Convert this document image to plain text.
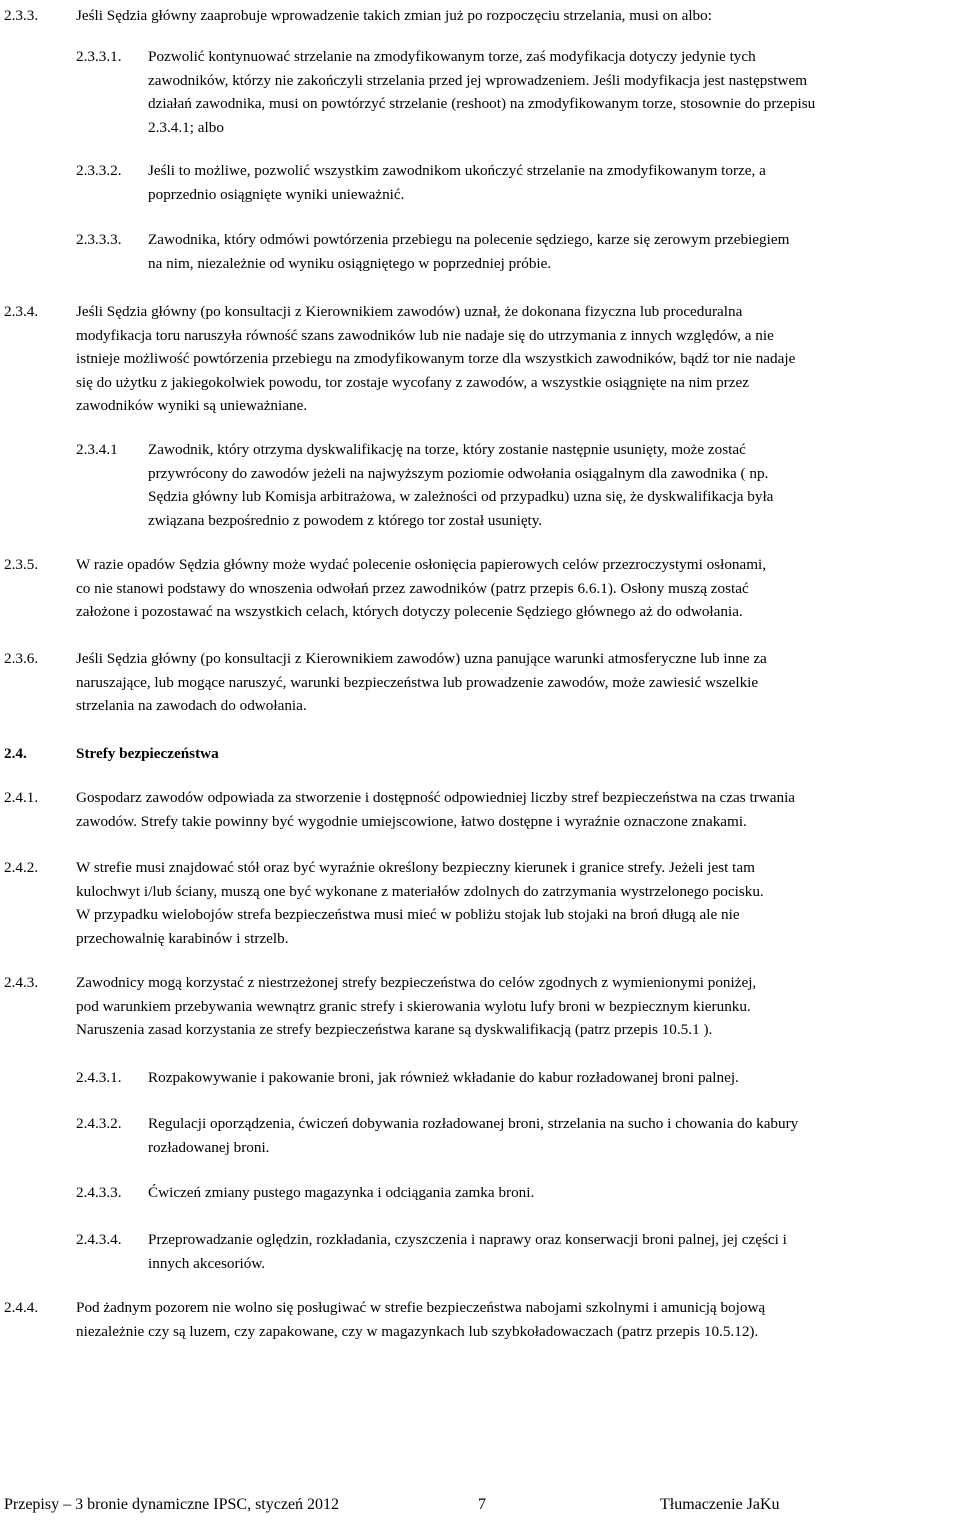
2.3.3. Jeśli Sędzia główny zaaprobuje wprowadzenie takich zmian już po rozpoczęciu strzelania, musi on albo:

2.3.3.1. Pozwolić kontynuować strzelanie na zmodyfikowanym torze, zaś modyfikacja dotyczy jedynie tych

zawodników, którzy nie zakończyli strzelania przed jej wprowadzeniem. Jeśli modyfikacja jest następstwem

działań zawodnika, musi on powtórzyć strzelanie (reshoot) na zmodyfikowanym torze, stosownie do przepisu

2.3.4.1; albo

2.3.3.2. Jeśli to możliwe, pozwolić wszystkim zawodnikom ukończyć strzelanie na zmodyfikowanym torze, a

poprzednio osiągnięte wyniki unieważnić.

2.3.3.3. Zawodnika, który odmówi powtórzenia przebiegu na polecenie sędziego, karze się zerowym przebiegiem

na nim, niezależnie od wyniku osiągniętego w poprzedniej próbie.

2.3.4. Jeśli Sędzia główny (po konsultacji z Kierownikiem zawodów) uznał, że dokonana fizyczna lub proceduralna

modyfikacja toru naruszyła równość szans zawodników lub nie nadaje się do utrzymania z innych względów, a nie

istnieje możliwość powtórzenia przebiegu na zmodyfikowanym torze dla wszystkich zawodników, bądź tor nie nadaje

się do użytku z jakiegokolwiek powodu, tor zostaje wycofany z zawodów, a wszystkie osiągnięte na nim przez

zawodników wyniki są unieważniane.

2.3.4.1 Zawodnik, który otrzyma dyskwalifikację na torze, który zostanie następnie usunięty, może zostać

przywrócony do zawodów jeżeli na najwyższym poziomie odwołania osiągalnym dla zawodnika ( np.

Sędzia główny lub Komisja arbitrażowa, w zależności od przypadku) uzna się, że dyskwalifikacja była

związana bezpośrednio z powodem z którego tor został usunięty.

2.3.5. W razie opadów Sędzia główny może wydać polecenie osłonięcia papierowych celów przezroczystymi osłonami,

co nie stanowi podstawy do wnoszenia odwołań przez zawodników (patrz przepis 6.6.1). Osłony muszą zostać

założone i pozostawać na wszystkich celach, których dotyczy polecenie Sędziego głównego aż do odwołania.

2.3.6. Jeśli Sędzia główny (po konsultacji z Kierownikiem zawodów) uzna panujące warunki atmosferyczne lub inne za

naruszające, lub mogące naruszyć, warunki bezpieczeństwa lub prowadzenie zawodów, może zawiesić wszelkie

strzelania na zawodach do odwołania.

2.4.	Strefy bezpieczeństwa

2.4.1. Gospodarz zawodów odpowiada za stworzenie i dostępność odpowiedniej liczby stref bezpieczeństwa na czas trwania

zawodów. Strefy takie powinny być wygodnie umiejscowione, łatwo dostępne i wyraźnie oznaczone znakami.

2.4.2. W strefie musi znajdować stół oraz być wyraźnie określony bezpieczny kierunek i granice strefy. Jeżeli jest tam

kulochwyt i/lub ściany, muszą one być wykonane z materiałów zdolnych do zatrzymania wystrzelonego pocisku.

W przypadku wielobojów strefa bezpieczeństwa musi mieć w pobliżu stojak lub stojaki na broń długą ale nie

przechowalnię karabinów i strzelb.

2.4.3. Zawodnicy mogą korzystać z niestrzeżonej strefy bezpieczeństwa do celów zgodnych z wymienionymi poniżej,

pod warunkiem przebywania wewnątrz granic strefy i skierowania wylotu lufy broni w bezpiecznym kierunku.

Naruszenia zasad korzystania ze strefy bezpieczeństwa karane są dyskwalifikacją (patrz przepis 10.5.1 ).

2.4.3.1. Rozpakowywanie i pakowanie broni, jak również wkładanie do kabur rozładowanej broni palnej.

2.4.3.2. Regulacji oporządzenia, ćwiczeń dobywania rozładowanej broni, strzelania na sucho i chowania do kabury

rozładowanej broni.

2.4.3.3. Ćwiczeń zmiany pustego magazynka i odciągania zamka broni.

2.4.3.4. Przeprowadzanie oględzin, rozkładania, czyszczenia i naprawy oraz konserwacji broni palnej, jej części i

innych akcesoriów.

2.4.4. Pod żadnym pozorem nie wolno się posługiwać w strefie bezpieczeństwa nabojami szkolnymi i amunicją bojową

niezależnie czy są luzem, czy zapakowane, czy w magazynkach lub szybkoładowaczach (patrz przepis 10.5.12).

Przepisy – 3 bronie dynamiczne IPSC, styczeń 2012	7	Tłumaczenie JaKu
